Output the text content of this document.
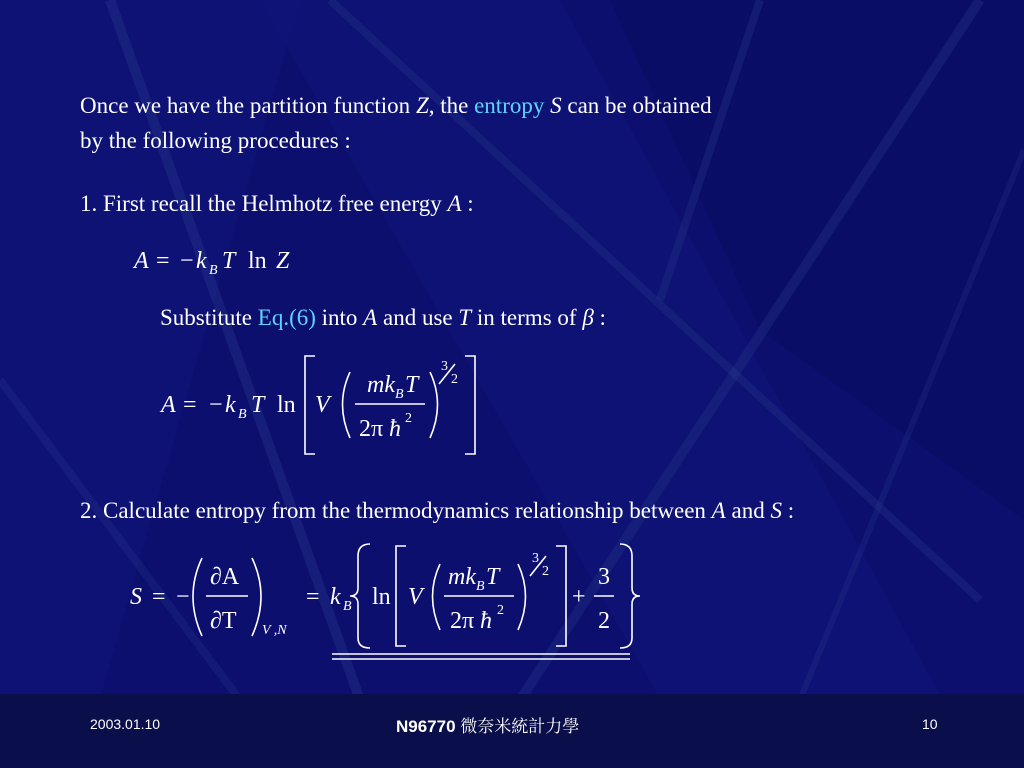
Once we have the partition function Z, the entropy S can be obtained
by the following procedures :
1. First recall the Helmhotz free energy A :
A = − k B T ln Z
Substitute Eq.(6) into A and use T in terms of β :
A = − k B T ln V
mk B T
2π ħ 2
3
2
2. Calculate entropy from the thermodynamics relationship between A and S :
S = −
∂A
∂T V ,N
= k B ln V
mk B T
2π ħ 2
3
2
+
3
2
2003.01.10	N96770 微奈米統計力學	10
